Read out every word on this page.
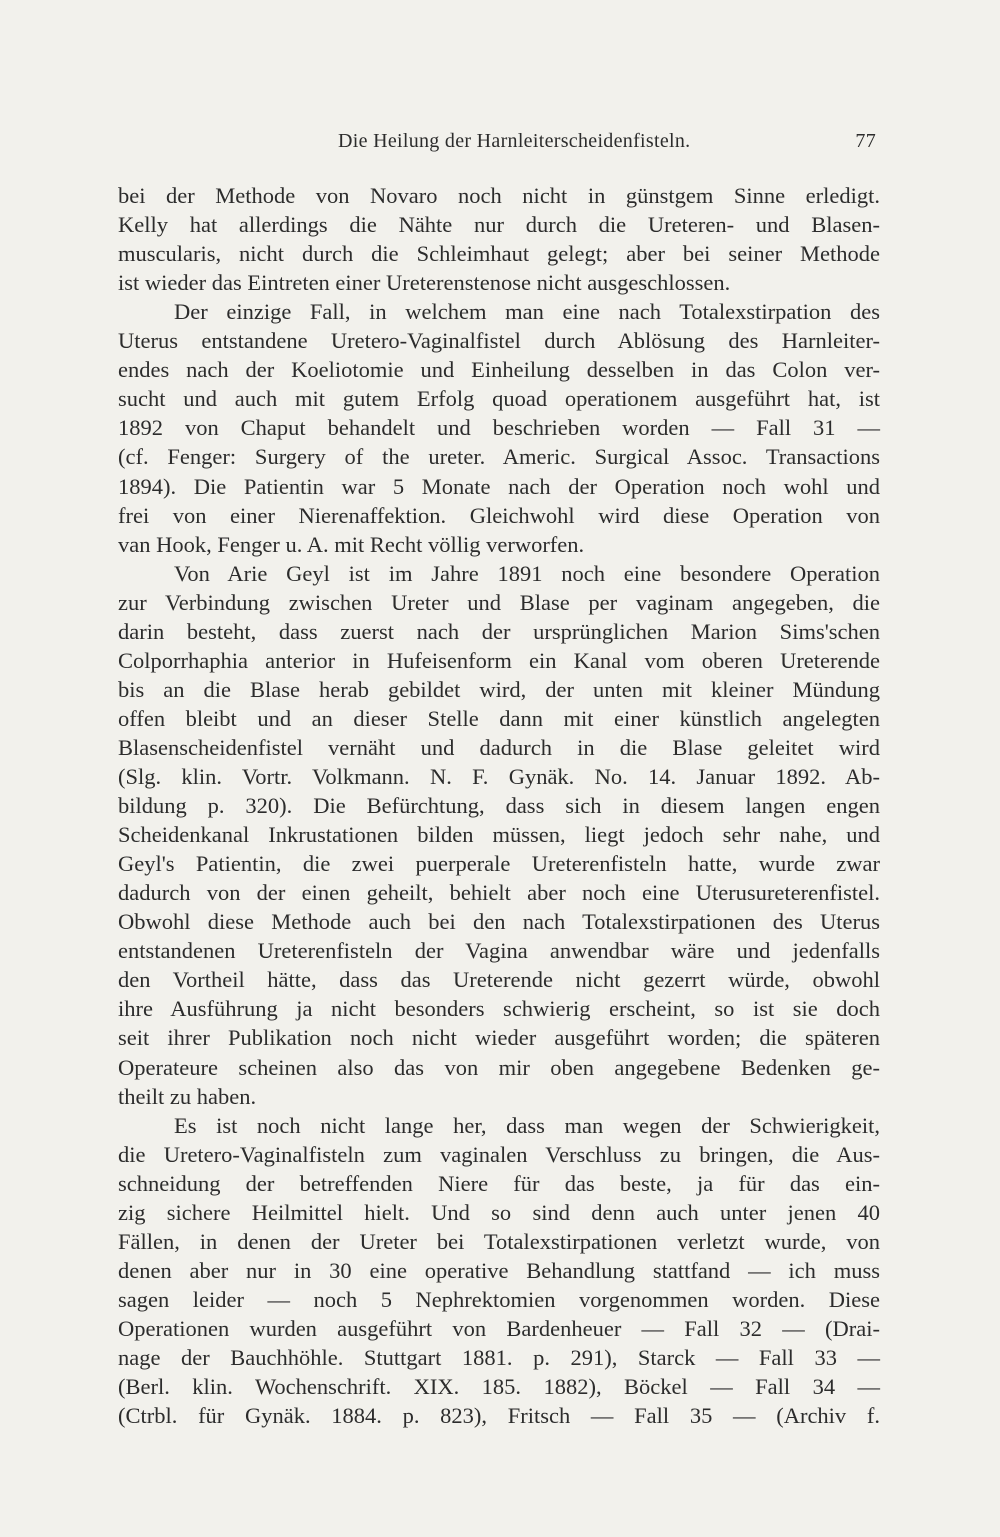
Die Heilung der Harnleiterscheidenfisteln.	77
bei der Methode von Novaro noch nicht in günstgem Sinne erledigt.
Kelly hat allerdings die Nähte nur durch die Ureteren- und Blasen-
muscularis, nicht durch die Schleimhaut gelegt; aber bei seiner Methode
ist wieder das Eintreten einer Ureterenstenose nicht ausgeschlossen.
Der einzige Fall, in welchem man eine nach Totalexstirpation des
Uterus entstandene Uretero-Vaginalfistel durch Ablösung des Harnleiter-
endes nach der Koeliotomie und Einheilung desselben in das Colon ver-
sucht und auch mit gutem Erfolg quoad operationem ausgeführt hat, ist
1892 von Chaput behandelt und beschrieben worden — Fall 31 —
(cf. Fenger: Surgery of the ureter. Americ. Surgical Assoc. Transactions
1894). Die Patientin war 5 Monate nach der Operation noch wohl und
frei von einer Nierenaffektion. Gleichwohl wird diese Operation von
van Hook, Fenger u. A. mit Recht völlig verworfen.
Von Arie Geyl ist im Jahre 1891 noch eine besondere Operation
zur Verbindung zwischen Ureter und Blase per vaginam angegeben, die
darin besteht, dass zuerst nach der ursprünglichen Marion Sims'schen
Colporrhaphia anterior in Hufeisenform ein Kanal vom oberen Ureterende
bis an die Blase herab gebildet wird, der unten mit kleiner Mündung
offen bleibt und an dieser Stelle dann mit einer künstlich angelegten
Blasenscheidenfistel vernäht und dadurch in die Blase geleitet wird
(Slg. klin. Vortr. Volkmann. N. F. Gynäk. No. 14. Januar 1892. Ab-
bildung p. 320). Die Befürchtung, dass sich in diesem langen engen
Scheidenkanal Inkrustationen bilden müssen, liegt jedoch sehr nahe, und
Geyl's Patientin, die zwei puerperale Ureterenfisteln hatte, wurde zwar
dadurch von der einen geheilt, behielt aber noch eine Uterusureterenfistel.
Obwohl diese Methode auch bei den nach Totalexstirpationen des Uterus
entstandenen Ureterenfisteln der Vagina anwendbar wäre und jedenfalls
den Vortheil hätte, dass das Ureterende nicht gezerrt würde, obwohl
ihre Ausführung ja nicht besonders schwierig erscheint, so ist sie doch
seit ihrer Publikation noch nicht wieder ausgeführt worden; die späteren
Operateure scheinen also das von mir oben angegebene Bedenken ge-
theilt zu haben.
Es ist noch nicht lange her, dass man wegen der Schwierigkeit,
die Uretero-Vaginalfisteln zum vaginalen Verschluss zu bringen, die Aus-
schneidung der betreffenden Niere für das beste, ja für das ein-
zig sichere Heilmittel hielt. Und so sind denn auch unter jenen 40
Fällen, in denen der Ureter bei Totalexstirpationen verletzt wurde, von
denen aber nur in 30 eine operative Behandlung stattfand — ich muss
sagen leider — noch 5 Nephrektomien vorgenommen worden. Diese
Operationen wurden ausgeführt von Bardenheuer — Fall 32 — (Drai-
nage der Bauchhöhle. Stuttgart 1881. p. 291), Starck — Fall 33 —
(Berl. klin. Wochenschrift. XIX. 185. 1882), Böckel — Fall 34 —
(Ctrbl. für Gynäk. 1884. p. 823), Fritsch — Fall 35 — (Archiv f.
